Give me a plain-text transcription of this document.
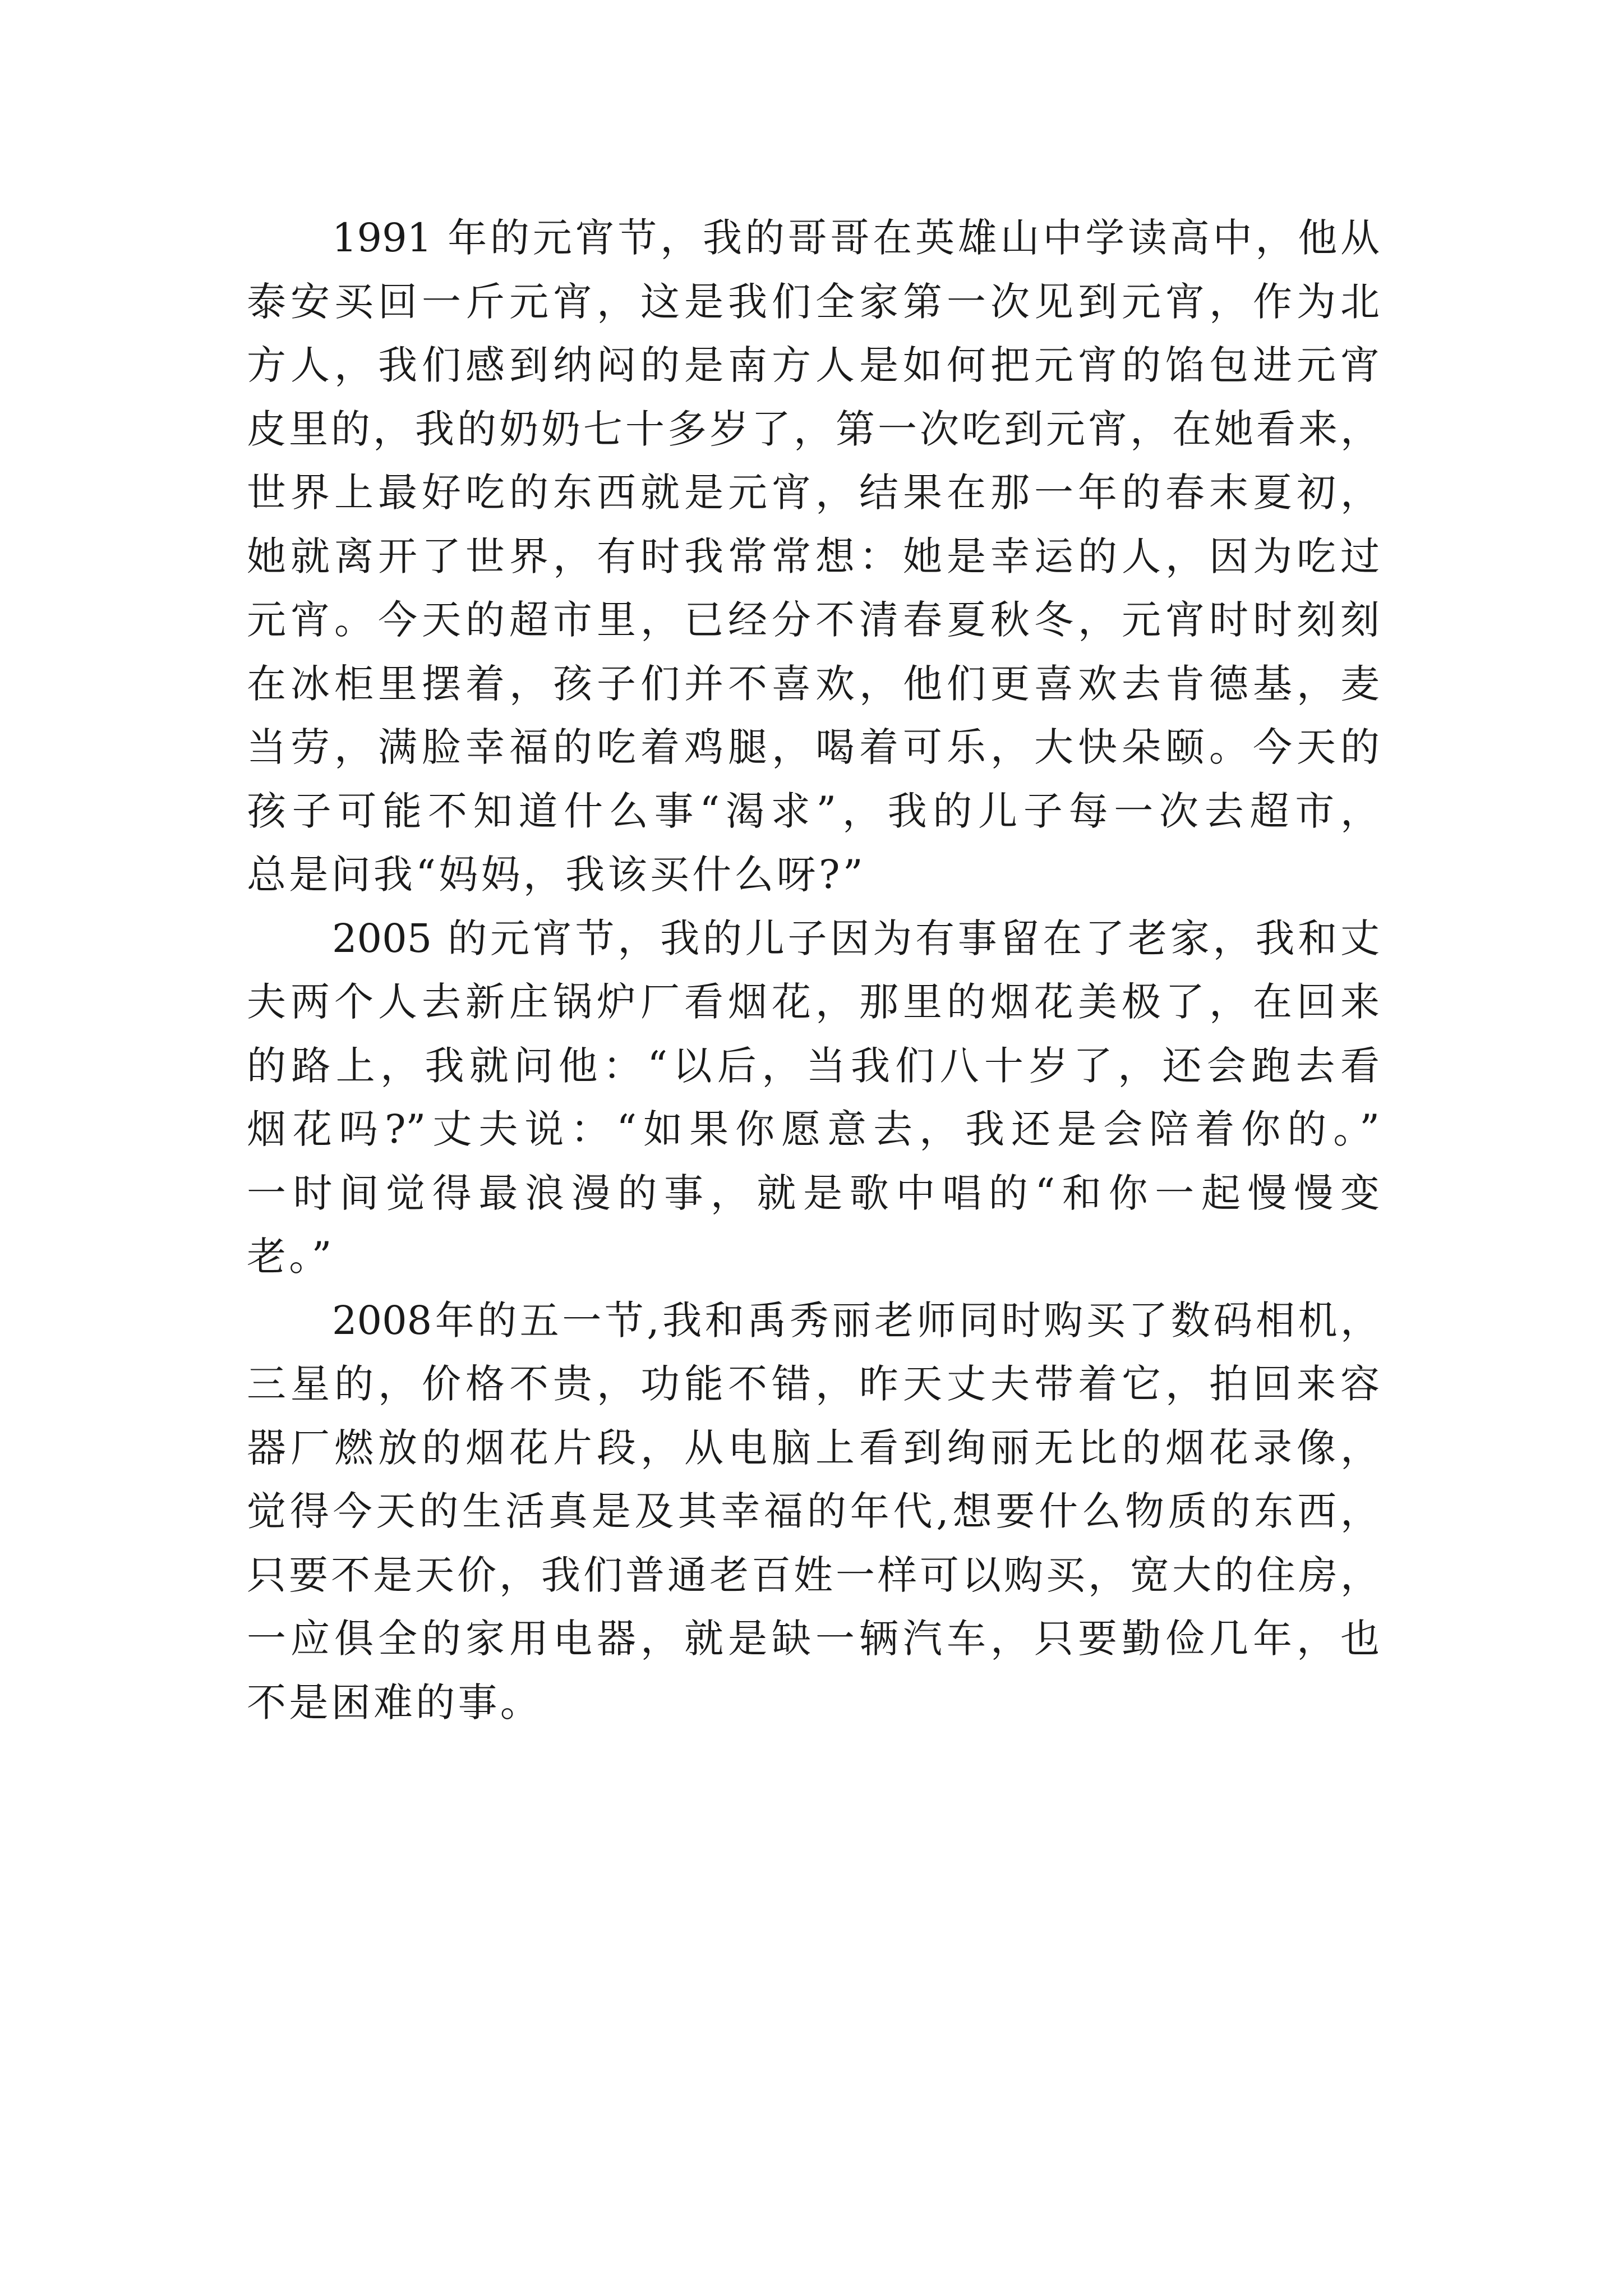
1991 年的元宵节，我的哥哥在英雄山中学读高中，他从
泰安买回一斤元宵，这是我们全家第一次见到元宵，作为北
方人，我们感到纳闷的是南方人是如何把元宵的馅包进元宵
皮里的，我的奶奶七十多岁了，第一次吃到元宵，在她看来，
世界上最好吃的东西就是元宵，结果在那一年的春末夏初，
她就离开了世界，有时我常常想：她是幸运的人，因为吃过
元宵。今天的超市里，已经分不清春夏秋冬，元宵时时刻刻
在冰柜里摆着，孩子们并不喜欢，他们更喜欢去肯德基，麦
当劳，满脸幸福的吃着鸡腿，喝着可乐，大快朵颐。今天的
孩子可能不知道什么事“渴求”，我的儿子每一次去超市，
总是问我“妈妈，我该买什么呀?”
2005 的元宵节，我的儿子因为有事留在了老家，我和丈
夫两个人去新庄锅炉厂看烟花，那里的烟花美极了，在回来
的路上，我就问他：“以后，当我们八十岁了，还会跑去看
烟花吗?”丈夫说：“如果你愿意去，我还是会陪着你的。”
一时间觉得最浪漫的事，就是歌中唱的“和你一起慢慢变
老。”
2008年的五一节,我和禹秀丽老师同时购买了数码相机，
三星的，价格不贵，功能不错，昨天丈夫带着它，拍回来容
器厂燃放的烟花片段，从电脑上看到绚丽无比的烟花录像，
觉得今天的生活真是及其幸福的年代,想要什么物质的东西，
只要不是天价，我们普通老百姓一样可以购买，宽大的住房，
一应俱全的家用电器，就是缺一辆汽车，只要勤俭几年，也
不是困难的事。
